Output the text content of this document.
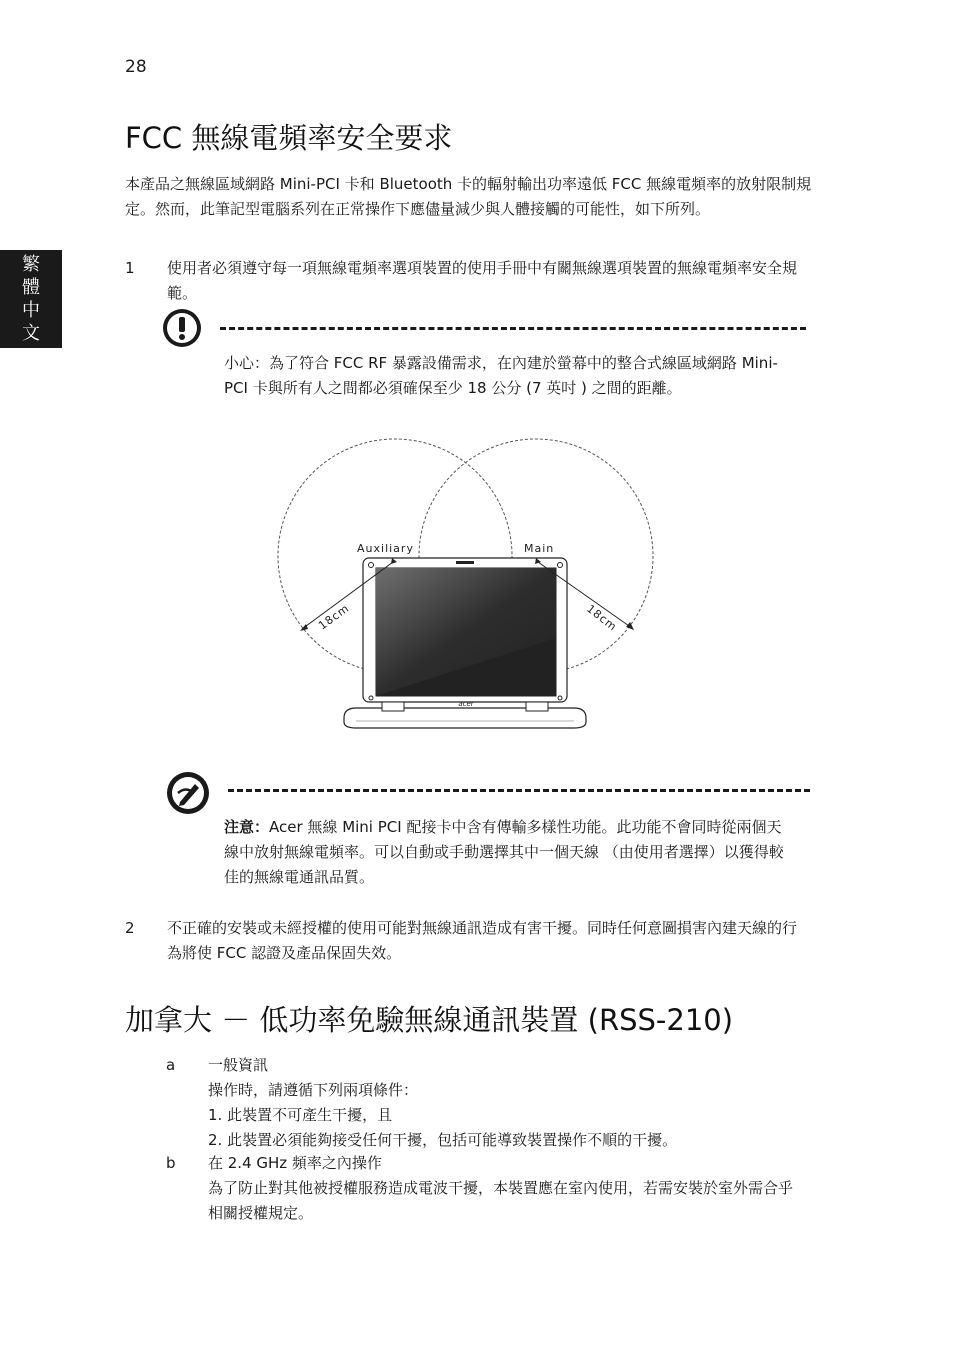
28
繁體中文
FCC 無線電頻率安全要求
本產品之無線區域網路 Mini-PCI 卡和 Bluetooth 卡的輻射輸出功率遠低 FCC 無線電頻率的放射限制規定。然而，此筆記型電腦系列在正常操作下應儘量減少與人體接觸的可能性，如下所列。
1 使用者必須遵守每一項無線電頻率選項裝置的使用手冊中有關無線選項裝置的無線電頻率安全規範。
小心：為了符合 FCC RF 暴露設備需求，在內建於螢幕中的整合式線區域網路 Mini-PCI 卡與所有人之間都必須確保至少 18 公分 (7 英吋 ) 之間的距離。
acer
Auxiliary	Main
18cm	18cm
注意：Acer 無線 Mini PCI 配接卡中含有傳輸多樣性功能。此功能不會同時從兩個天線中放射無線電頻率。可以自動或手動選擇其中一個天線 （由使用者選擇）以獲得較佳的無線電通訊品質。
2 不正確的安裝或未經授權的使用可能對無線通訊造成有害干擾。同時任何意圖損害內建天線的行為將使 FCC 認證及產品保固失效。
加拿大 － 低功率免驗無線通訊裝置 (RSS-210)
a 一般資訊
操作時，請遵循下列兩項條件：
1. 此裝置不可產生干擾，且
2. 此裝置必須能夠接受任何干擾，包括可能導致裝置操作不順的干擾。
b 在 2.4 GHz 頻率之內操作
為了防止對其他被授權服務造成電波干擾，本裝置應在室內使用，若需安裝於室外需合乎相關授權規定。
